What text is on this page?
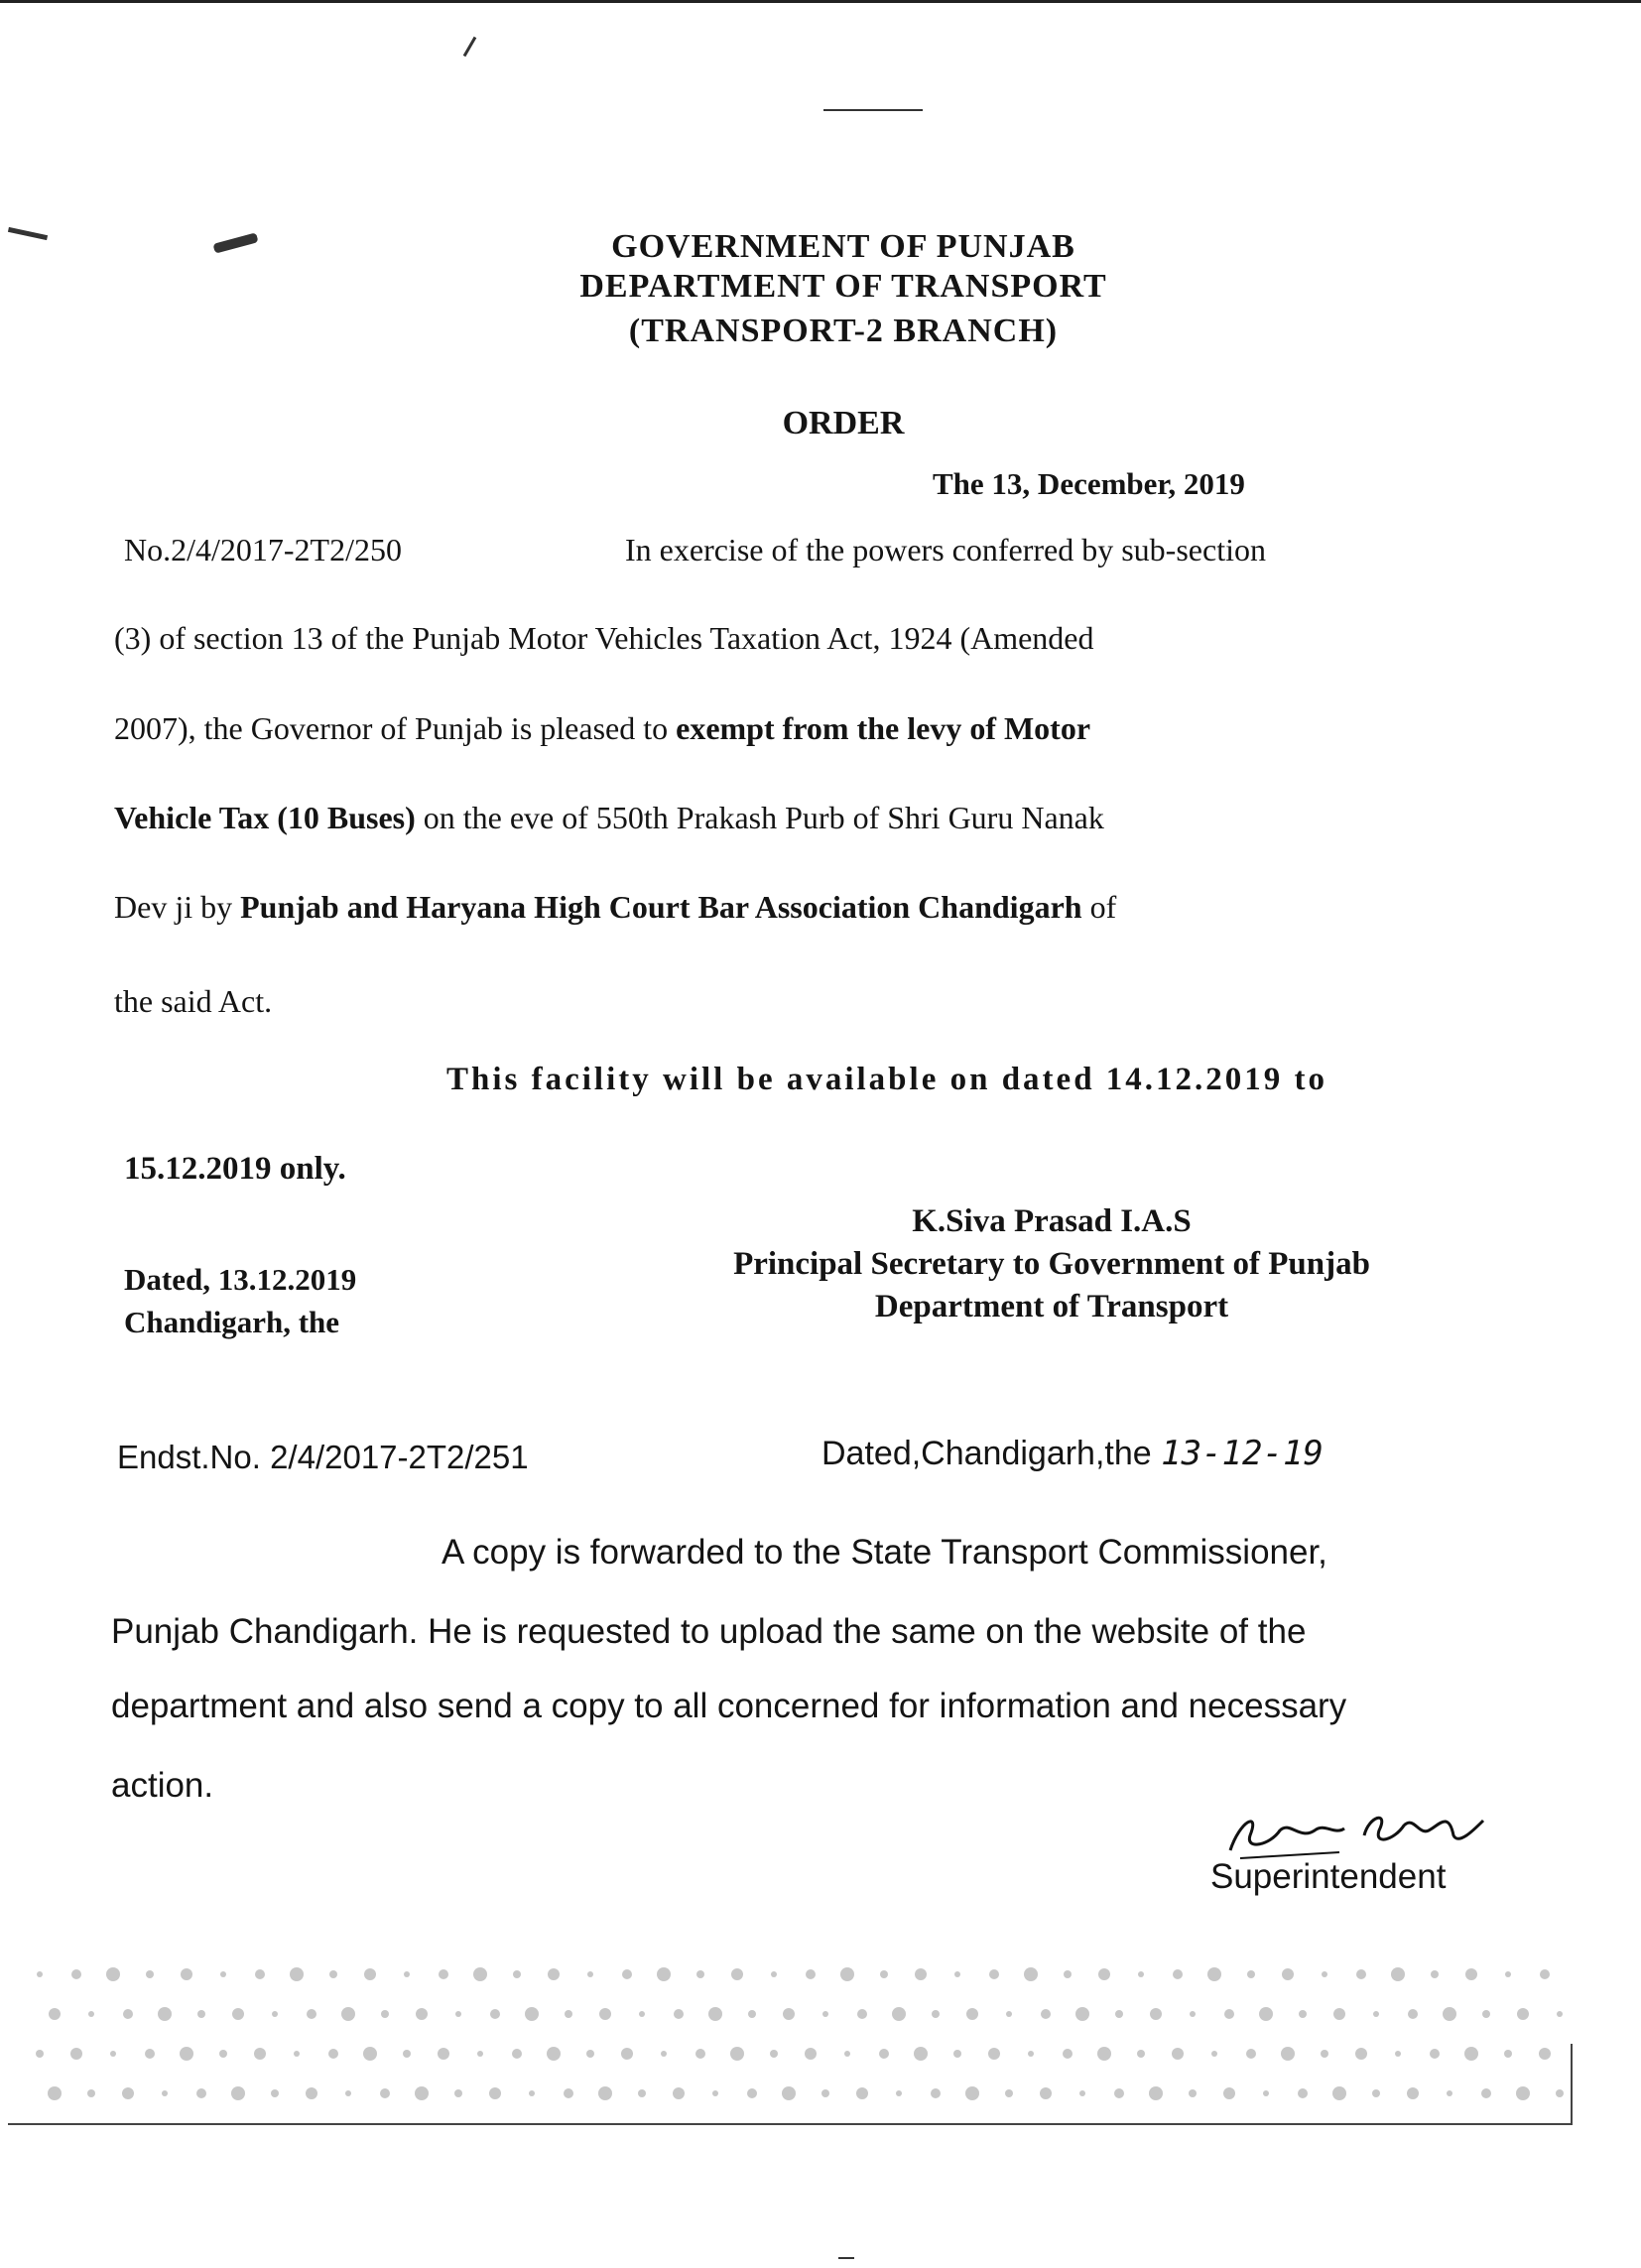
GOVERNMENT OF PUNJAB
DEPARTMENT OF TRANSPORT
(TRANSPORT-2 BRANCH)
ORDER
The 13, December, 2019
No.2/4/2017-2T2/250	In exercise of the powers conferred by sub-section
(3) of section 13 of the Punjab Motor Vehicles Taxation Act, 1924 (Amended
2007), the Governor of Punjab is pleased to exempt from the levy of Motor
Vehicle Tax (10 Buses) on the eve of 550th Prakash Purb of Shri Guru Nanak
Dev ji by Punjab and Haryana High Court Bar Association Chandigarh of
the said Act.
This facility will be available on dated 14.12.2019 to
15.12.2019 only.
K.Siva Prasad I.A.S
Principal Secretary to Government of Punjab
Department of Transport
Dated, 13.12.2019
Chandigarh, the
Endst.No. 2/4/2017-2T2/251	Dated,Chandigarh,the 13-12-19
A copy is forwarded to the State Transport Commissioner,
Punjab Chandigarh. He is requested to upload the same on the website of the
department and also send a copy to all concerned for information and necessary
action.
Superintendent
